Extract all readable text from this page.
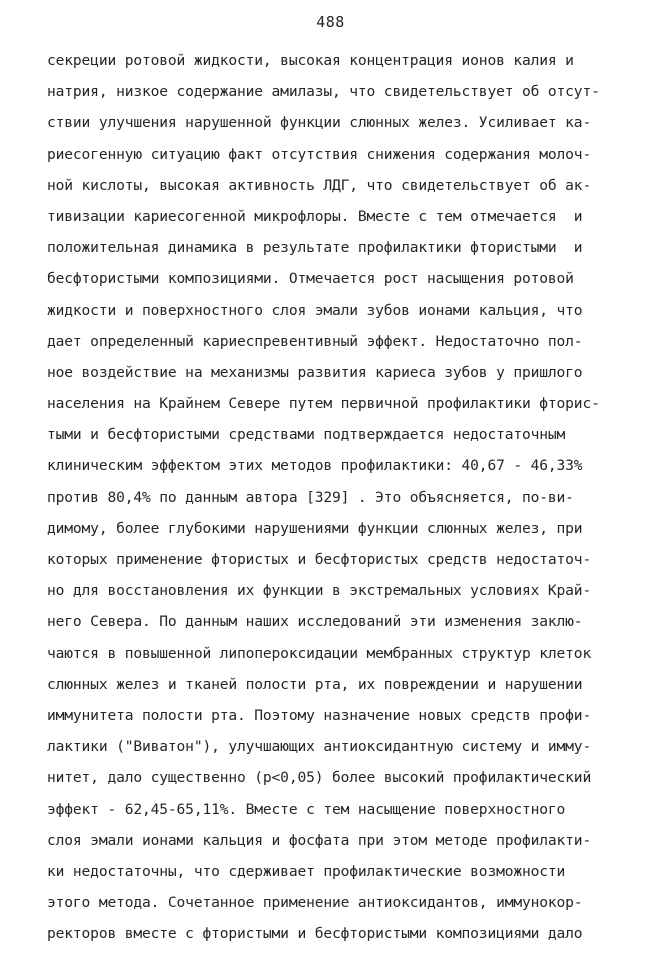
488
секреции ротовой жидкости, высокая концентрация ионов калия и
натрия, низкое содержание амилазы, что свидетельствует об отсут-
ствии улучшения нарушенной функции слюнных желез. Усиливает ка-
риесогенную ситуацию факт отсутствия снижения содержания молоч-
ной кислоты, высокая активность ЛДГ, что свидетельствует об ак-
тивизации кариесогенной микрофлоры. Вместе с тем отмечается  и
положительная динамика в результате профилактики фтористыми  и
бесфтористыми композициями. Отмечается рост насыщения ротовой
жидкости и поверхностного слоя эмали зубов ионами кальция, что
дает определенный кариеспревентивный эффект. Недостаточно пол-
ное воздействие на механизмы развития кариеса зубов у пришлого
населения на Крайнем Севере путем первичной профилактики фторис-
тыми и бесфтористыми средствами подтверждается недостаточным
клиническим эффектом этих методов профилактики: 40,67 - 46,33%
против 80,4% по данным автора [329] . Это объясняется, по-ви-
димому, более глубокими нарушениями функции слюнных желез, при
которых применение фтористых и бесфтористых средств недостаточ-
но для восстановления их функции в экстремальных условиях Край-
него Севера. По данным наших исследований эти изменения заклю-
чаются в повышенной липопероксидации мембранных структур клеток
слюнных желез и тканей полости рта, их повреждении и нарушении
иммунитета полости рта. Поэтому назначение новых средств профи-
лактики ("Виватон"), улучшающих антиоксидантную систему и имму-
нитет, дало существенно (p<0,05) более высокий профилактический
эффект - 62,45-65,11%. Вместе с тем насыщение поверхностного
слоя эмали ионами кальция и фосфата при этом методе профилакти-
ки недостаточны, что сдерживает профилактические возможности
этого метода. Сочетанное применение антиоксидантов, иммунокор-
ректоров вместе с фтористыми и бесфтористыми композициями дало
